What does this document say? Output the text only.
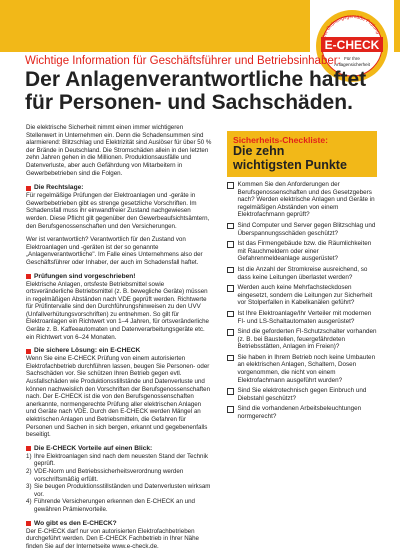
er Ordnungsgemäße Prüfung
E-CHECK
Für Ihre
Anlagensicherheit

Wichtige Information für Geschäftsführer und Betriebsinhaber:

Der Anlagenverantwortliche haftet

für Personen- und Sachschäden.

Die elektrische Sicherheit nimmt einen immer wichtigeren Stellenwert in Unternehmen ein. Denn die Schadensummen sind alarmierend: Blitzschlag und Elektrizität sind Auslöser für über 50 % der Brände in Deutschland. Die Stromschäden allein in den letzten zehn Jahren gehen in die Millionen. Produktionsausfälle und Datenverluste, aber auch Gefährdung von Mitarbeitern in Gewerbebetrieben sind die Folgen.

Die Rechtslage:

Für regelmäßige Prüfungen der Elektroanlagen und -geräte in Gewerbebetrieben gibt es strenge gesetzliche Vorschriften. Im Schadensfall muss ihr einwandfreier Zustand nachgewiesen werden. Diese Pflicht gilt gegenüber den Gewerbeaufsichtsämtern, den Berufsgenossenschaften und den Versicherungen.

Wer ist verantwortlich? Verantwortlich für den Zustand von Elektroanlagen und -geräten ist der so genannte „Anlagenverantwortliche". Im Falle eines Unternehmens also der Geschäftsführer oder Inhaber, der auch im Schadensfall haftet.

Prüfungen sind vorgeschrieben!

Elektrische Anlagen, ortsfeste Betriebsmittel sowie ortsveränderliche Betriebsmittel (z. B. bewegliche Geräte) müssen in regelmäßigen Abständen nach VDE geprüft werden. Richtwerte für Prüfintervalle sind den Durchführungshinweisen zu den UVV (Unfallverhütungsvorschriften) zu entnehmen. So gilt für Elektroanlagen ein Richtwert von 1–4 Jahren, für ortsveränderliche Geräte z. B. Kaffeeautomaten und Datenverarbeitungsgeräte etc. ein Richtwert von 6–24 Monaten.

Die sichere Lösung: ein E-CHECK

Wenn Sie eine E-CHECK Prüfung von einem autorisierten Elektrofachbetrieb durchführen lassen, beugen Sie Personen- oder Sachschäden vor. Sie schützen Ihren Betrieb gegen evtl. Ausfallschäden wie Produktionsstillstände und Datenverluste und können nachweislich den Vorschriften der Berufsgenossenschaften nach. Der E-CHECK ist die von den Berufsgenossenschaften anerkannte, normengerechte Prüfung aller elektrischen Anlagen und Geräte nach VDE. Durch den E-CHECK werden Mängel an elektrischen Anlagen und Betriebsmitteln, die Gefahren für Personen und Sachen in sich bergen, erkannt und gegebenenfalls beseitigt.

Die E-CHECK Vorteile auf einen Blick:
1) Ihre Elektroanlagen sind nach dem neuesten Stand der Technik geprüft.
2) VDE-Norm und Betriebssicherheitsverordnung werden vorschriftsmäßig erfüllt.
3) Sie beugen Produktionsstillständen und Datenverlusten wirksam vor.
4) Führende Versicherungen erkennen den E-CHECK an und gewähren Prämienvorteile.
Wo gibt es den E-CHECK?

Der E-CHECK darf nur von autorisierten Elektrofachbetrieben durchgeführt werden. Den E-CHECK Fachbetrieb in Ihrer Nähe finden Sie auf der Internetseite www.e-check.de.

Sicherheits-Checkliste:

Die zehn

wichtigsten Punkte

Kommen Sie den Anforderungen der Berufsgenossenschaften und des Gesetzgebers nach? Werden elektrische Anlagen und Geräte in regelmäßigen Abständen von einem Elektrofachmann geprüft?
Sind Computer und Server gegen Blitzschlag und Überspannungsschäden geschützt?
Ist das Firmengebäude bzw. die Räumlichkeiten mit Rauchmeldern oder einer Gefahrenmeldeanlage ausgerüstet?
Ist die Anzahl der Stromkreise ausreichend, so dass keine Leitungen überlastet werden?
Werden auch keine Mehrfachsteckdosen eingesetzt, sondern die Leitungen zur Sicherheit vor Stolperfallen in Kabelkanälen geführt?
Ist Ihre Elektroanlage/Ihr Verteiler mit modernen FI- und LS-Schaltautomaten ausgerüstet?
Sind die geforderten FI-Schutzschalter vorhanden (z. B. bei Baustellen, feuergefährdeten Betriebsstätten, Anlagen im Freien)?
Sie haben in Ihrem Betrieb noch keine Umbauten an elektrischen Anlagen, Schaltern, Dosen vorgenommen, die nicht von einem Elektrofachmann ausgeführt wurden?
Sind Sie elektrotechnisch gegen Einbruch und Diebstahl geschützt?
Sind die vorhandenen Arbeitsbeleuchtungen normgerecht?
